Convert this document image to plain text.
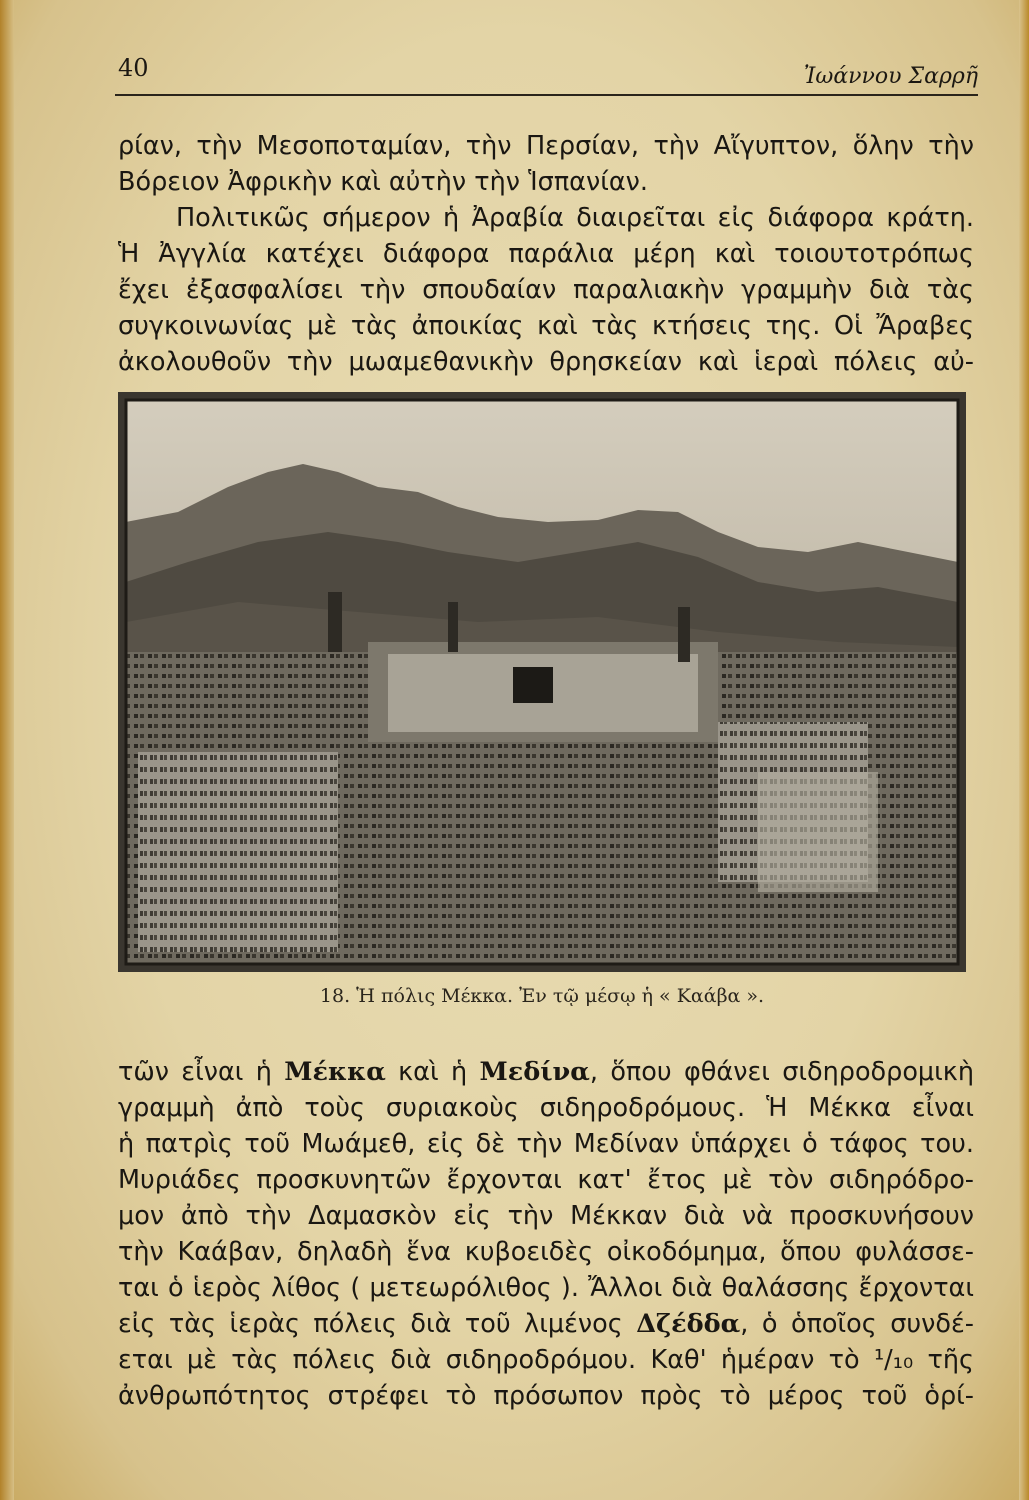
40	Ἰωάννου Σαρρῆ
ρίαν, τὴν Μεσοποταμίαν, τὴν Περσίαν, τὴν Αἴγυπτον, ὅλην τὴν
Βόρειον Ἀφρικὴν καὶ αὐτὴν τὴν Ἱσπανίαν.
Πολιτικῶς σήμερον ἡ Ἀραβία διαιρεῖται εἰς διάφορα κράτη.
Ἡ Ἀγγλία κατέχει διάφορα παράλια μέρη καὶ τοιουτοτρόπως
ἔχει ἐξασφαλίσει τὴν σπουδαίαν παραλιακὴν γραμμὴν διὰ τὰς
συγκοινωνίας μὲ τὰς ἀποικίας καὶ τὰς κτήσεις της. Οἱ Ἄραβες
ἀκολουθοῦν τὴν μωαμεθανικὴν θρησκείαν καὶ ἱεραὶ πόλεις αὐ-
18. Ἡ πόλις Μέκκα. Ἐν τῷ μέσῳ ἡ « Καάβα ».
τῶν εἶναι ἡ Μέκκα καὶ ἡ Μεδίνα, ὅπου φθάνει σιδηροδρομικὴ
γραμμὴ ἀπὸ τοὺς συριακοὺς σιδηροδρόμους. Ἡ Μέκκα εἶναι
ἡ πατρὶς τοῦ Μωάμεθ, εἰς δὲ τὴν Μεδίναν ὑπάρχει ὁ τάφος του.
Μυριάδες προσκυνητῶν ἔρχονται κατ' ἔτος μὲ τὸν σιδηρόδρο-
μον ἀπὸ τὴν Δαμασκὸν εἰς τὴν Μέκκαν διὰ νὰ προσκυνήσουν
τὴν Καάβαν, δηλαδὴ ἕνα κυβοειδὲς οἰκοδόμημα, ὅπου φυλάσσε-
ται ὁ ἱερὸς λίθος ( μετεωρόλιθος ). Ἄλλοι διὰ θαλάσσης ἔρχονται
εἰς τὰς ἱερὰς πόλεις διὰ τοῦ λιμένος Δζέδδα, ὁ ὁποῖος συνδέ-
εται μὲ τὰς πόλεις διὰ σιδηροδρόμου. Καθ' ἡμέραν τὸ ¹/₁₀ τῆς
ἀνθρωπότητος στρέφει τὸ πρόσωπον πρὸς τὸ μέρος τοῦ ὁρί-
